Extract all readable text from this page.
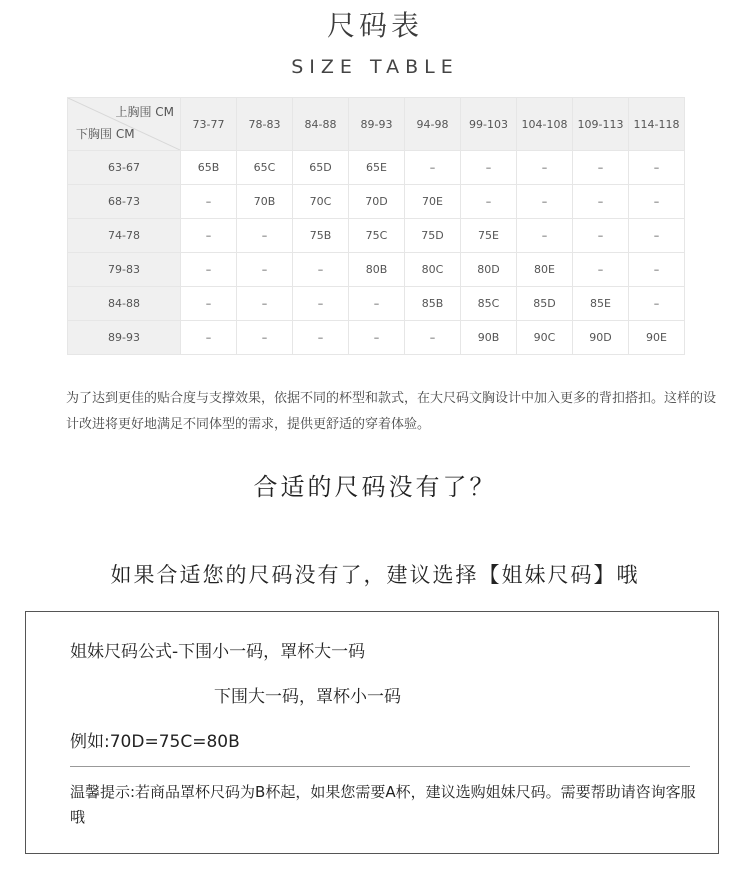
尺码表
SIZE TABLE
上胸围 CM
下胸围 CM	73-77	78-83	84-88	89-93	94-98	99-103	104-108	109-113	114-118
63-67	65B	65C	65D	65E	–	–	–	–	–
68-73	–	70B	70C	70D	70E	–	–	–	–
74-78	–	–	75B	75C	75D	75E	–	–	–
79-83	–	–	–	80B	80C	80D	80E	–	–
84-88	–	–	–	–	85B	85C	85D	85E	–
89-93	–	–	–	–	–	90B	90C	90D	90E
为了达到更佳的贴合度与支撑效果，依据不同的杯型和款式，在大尺码文胸设计中加入更多的背扣搭扣。这样的设计改进将更好地满足不同体型的需求，提供更舒适的穿着体验。
合适的尺码没有了？
如果合适您的尺码没有了，建议选择【姐妹尺码】哦
姐妹尺码公式-下围小一码，罩杯大一码
下围大一码，罩杯小一码
例如:70D=75C=80B
温馨提示:若商品罩杯尺码为B杯起，如果您需要A杯，建议选购姐妹尺码。需要帮助请咨询客服哦
